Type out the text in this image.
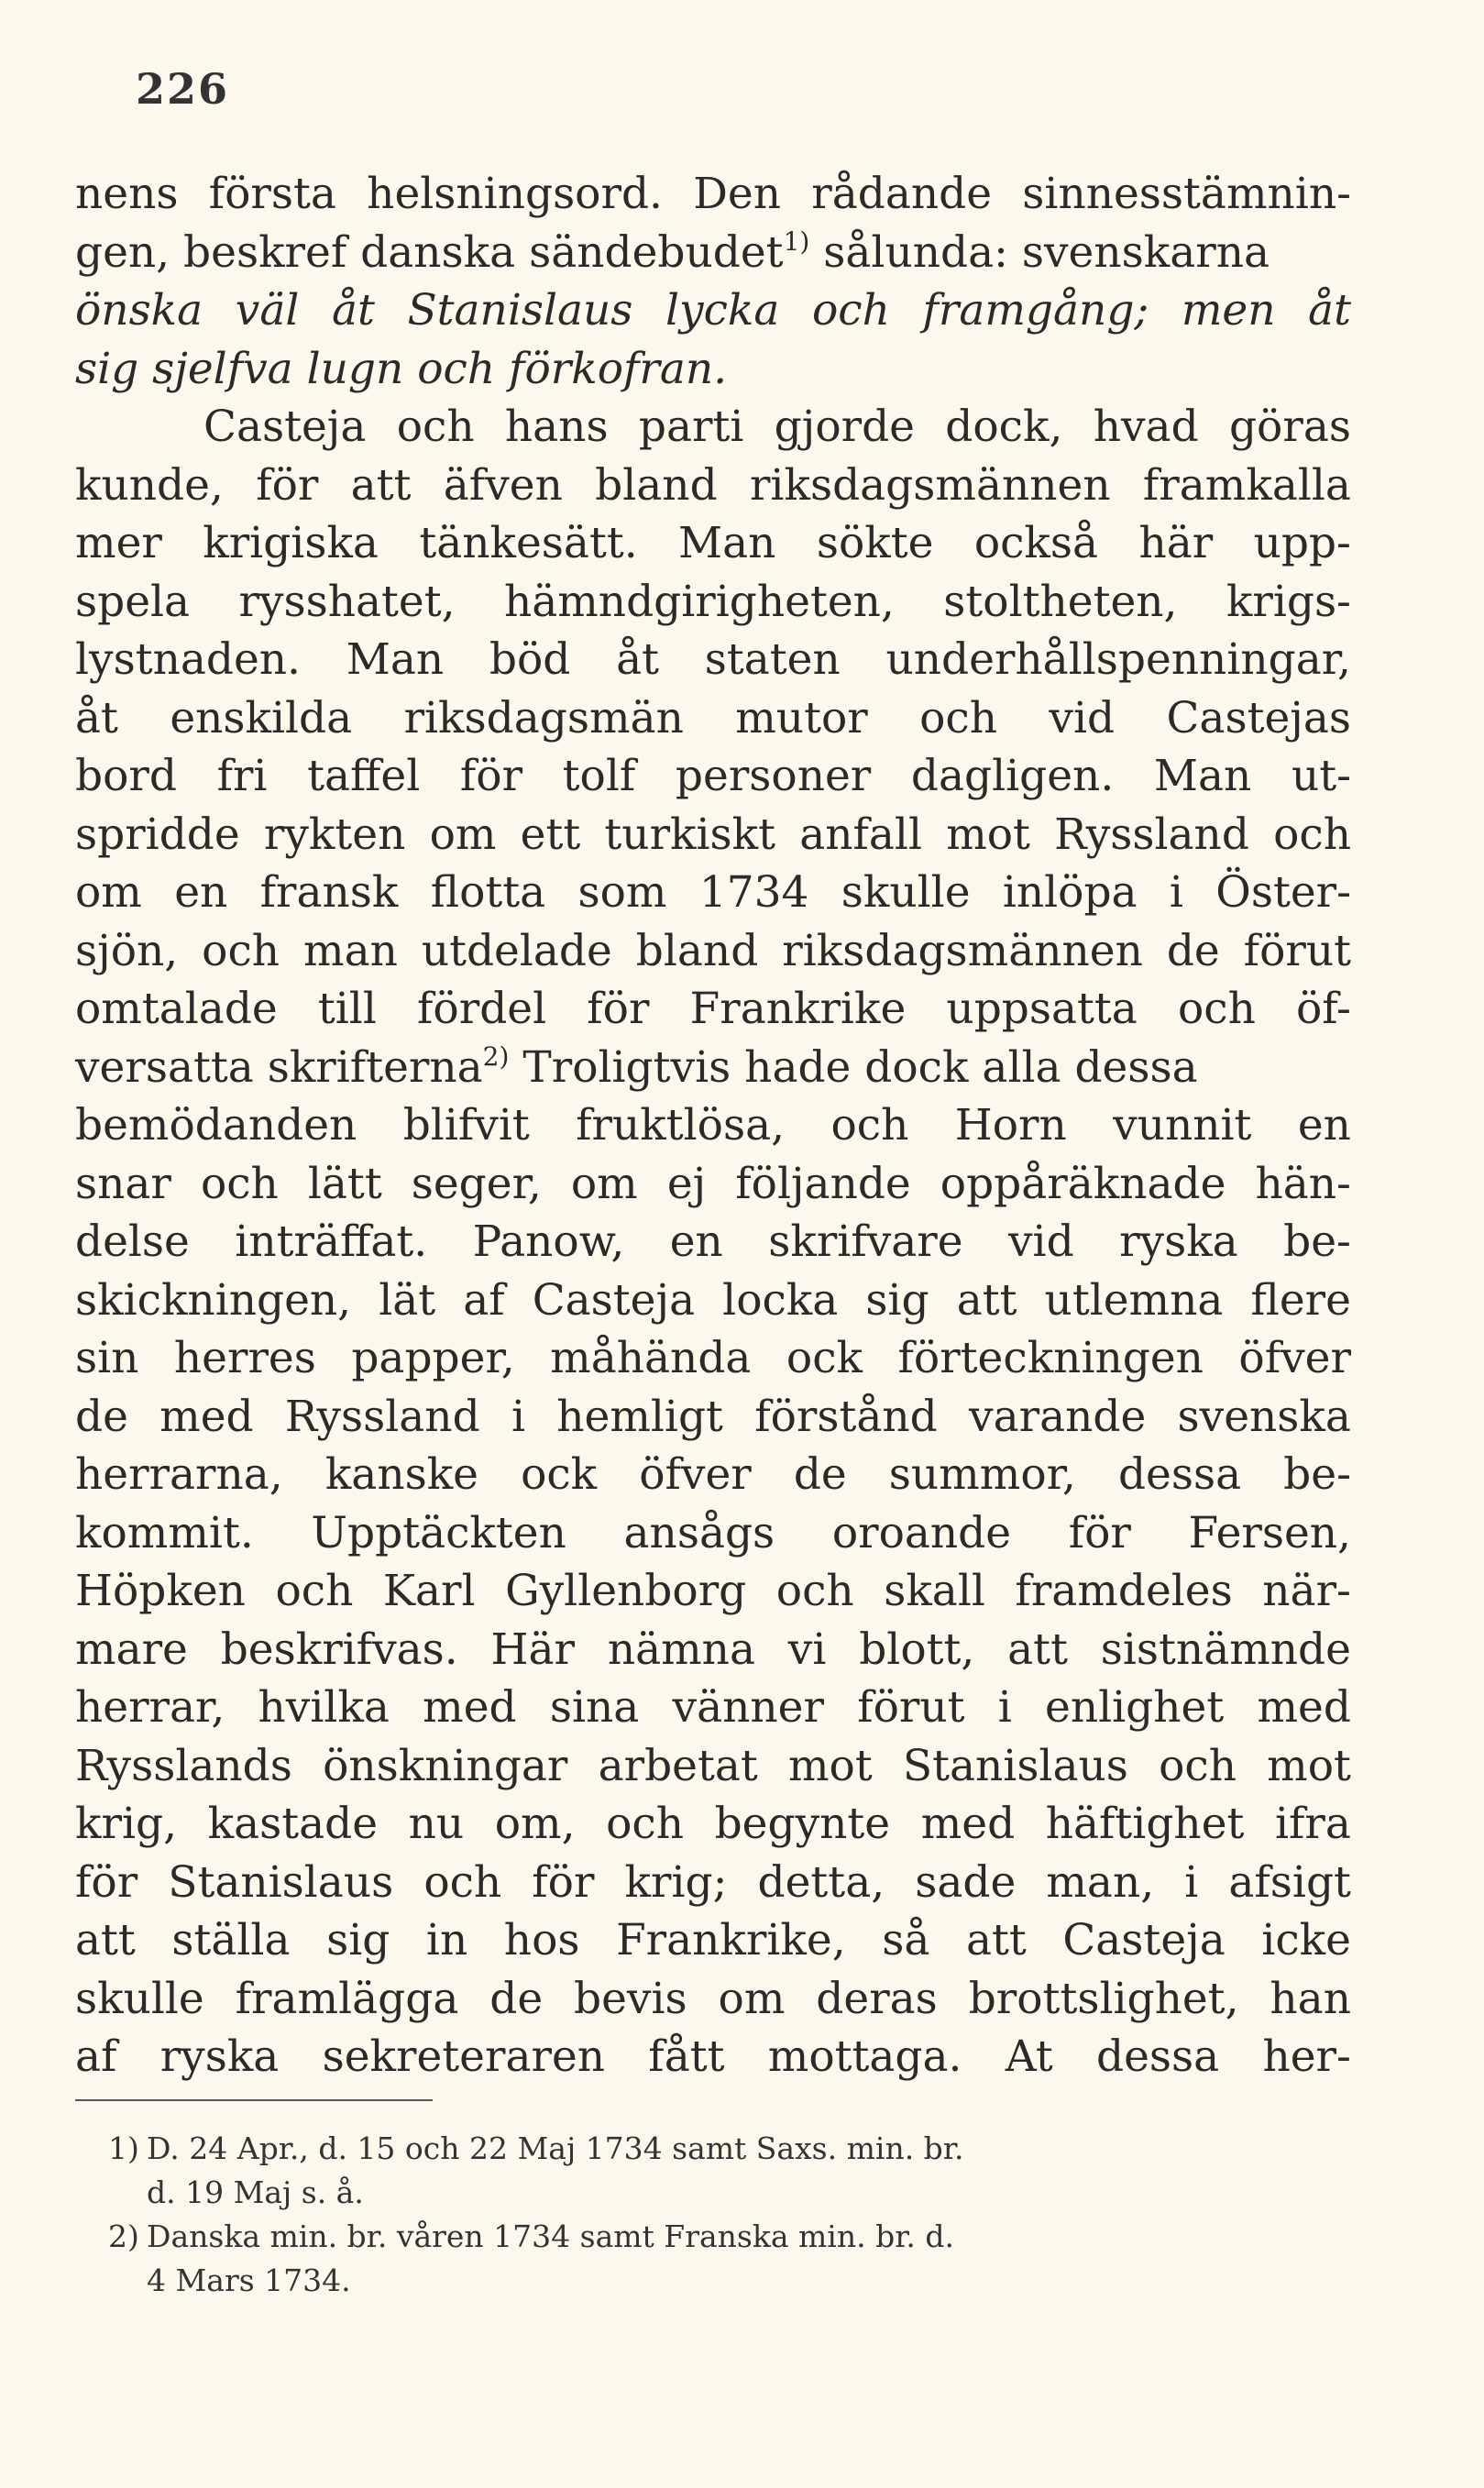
226
nens första helsningsord. Den rådande sinnesstämnin-
gen, beskref danska sändebudet$^{1)}$ sålunda: svenskarna
önska väl åt Stanislaus lycka och framgång; men åt
sig sjelfva lugn och förkofran.
Casteja och hans parti gjorde dock, hvad göras
kunde, för att äfven bland riksdagsmännen framkalla
mer krigiska tänkesätt. Man sökte också här upp-
spela rysshatet, hämndgirigheten, stoltheten, krigs-
lystnaden. Man böd åt staten underhållspenningar,
åt enskilda riksdagsmän mutor och vid Castejas
bord fri taffel för tolf personer dagligen. Man ut-
spridde rykten om ett turkiskt anfall mot Ryssland och
om en fransk flotta som 1734 skulle inlöpa i Öster-
sjön, och man utdelade bland riksdagsmännen de förut
omtalade till fördel för Frankrike uppsatta och öf-
versatta skrifterna$^{2)}$ Troligtvis hade dock alla dessa
bemödanden blifvit fruktlösa, och Horn vunnit en
snar och lätt seger, om ej följande oppåräknade hän-
delse inträffat. Panow, en skrifvare vid ryska be-
skickningen, lät af Casteja locka sig att utlemna flere
sin herres papper, måhända ock förteckningen öfver
de med Ryssland i hemligt förstånd varande svenska
herrarna, kanske ock öfver de summor, dessa be-
kommit. Upptäckten ansågs oroande för Fersen,
Höpken och Karl Gyllenborg och skall framdeles när-
mare beskrifvas. Här nämna vi blott, att sistnämnde
herrar, hvilka med sina vänner förut i enlighet med
Rysslands önskningar arbetat mot Stanislaus och mot
krig, kastade nu om, och begynte med häftighet ifra
för Stanislaus och för krig; detta, sade man, i afsigt
att ställa sig in hos Frankrike, så att Casteja icke
skulle framlägga de bevis om deras brottslighet, han
af ryska sekreteraren fått mottaga. At dessa her-
1) D. 24 Apr., d. 15 och 22 Maj 1734 samt Saxs. min. br.
d. 19 Maj s. å.
2) Danska min. br. våren 1734 samt Franska min. br. d.
4 Mars 1734.
